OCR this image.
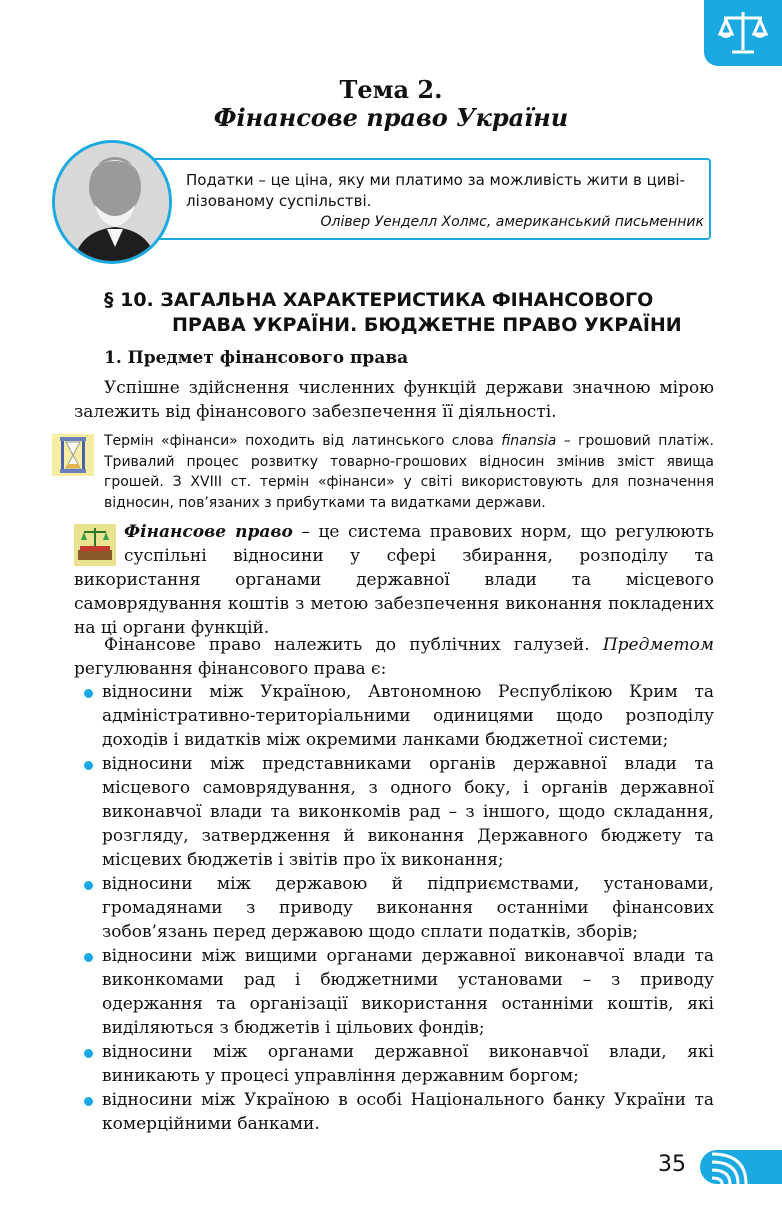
Тема 2.
Фінансове право України
Податки – це ціна, яку ми платимо за можливість жити в циві-лізованому суспільстві.
Олівер Уенделл Холмс, американський письменник
§ 10. ЗАГАЛЬНА ХАРАКТЕРИСТИКА ФІНАНСОВОГО
ПРАВА УКРАЇНИ. БЮДЖЕТНЕ ПРАВО УКРАЇНИ
1. Предмет фінансового права
Успішне здійснення численних функцій держави значною мірою залежить від фінансового забезпечення її діяльності.
Термін «фінанси» походить від латинського слова finansia – грошовий платіж. Тривалий процес розвитку товарно-грошових відносин змінив зміст явища грошей. З XVIII ст. термін «фінанси» у світі використовують для позначення відносин, пов’язаних з прибутками та видатками держави.
Фінансове право – це система правових норм, що регулюють суспільні відносини у сфері збирання, розподілу та використання органами державної влади та місцевого самоврядування коштів з метою забезпечення виконання покладених на ці органи функцій.
Фінансове право належить до публічних галузей. Предметом регулювання фінансового права є:
відносини між Україною, Автономною Республікою Крим та адміністративно-територіальними одиницями щодо розподілу доходів і видатків між окремими ланками бюджетної системи;
відносини між представниками органів державної влади та місцевого самоврядування, з одного боку, і органів державної виконавчої влади та виконкомів рад – з іншого, щодо складання, розгляду, затвердження й виконання Державного бюджету та місцевих бюджетів і звітів про їх виконання;
відносини між державою й підприємствами, установами, громадянами з приводу виконання останніми фінансових зобов’язань перед державою щодо сплати податків, зборів;
відносини між вищими органами державної виконавчої влади та виконкомами рад і бюджетними установами – з приводу одержання та організації використання останніми коштів, які виділяються з бюджетів і цільових фондів;
відносини між органами державної виконавчої влади, які виникають у процесі управління державним боргом;
відносини між Україною в особі Національного банку України та комерційними банками.
35
